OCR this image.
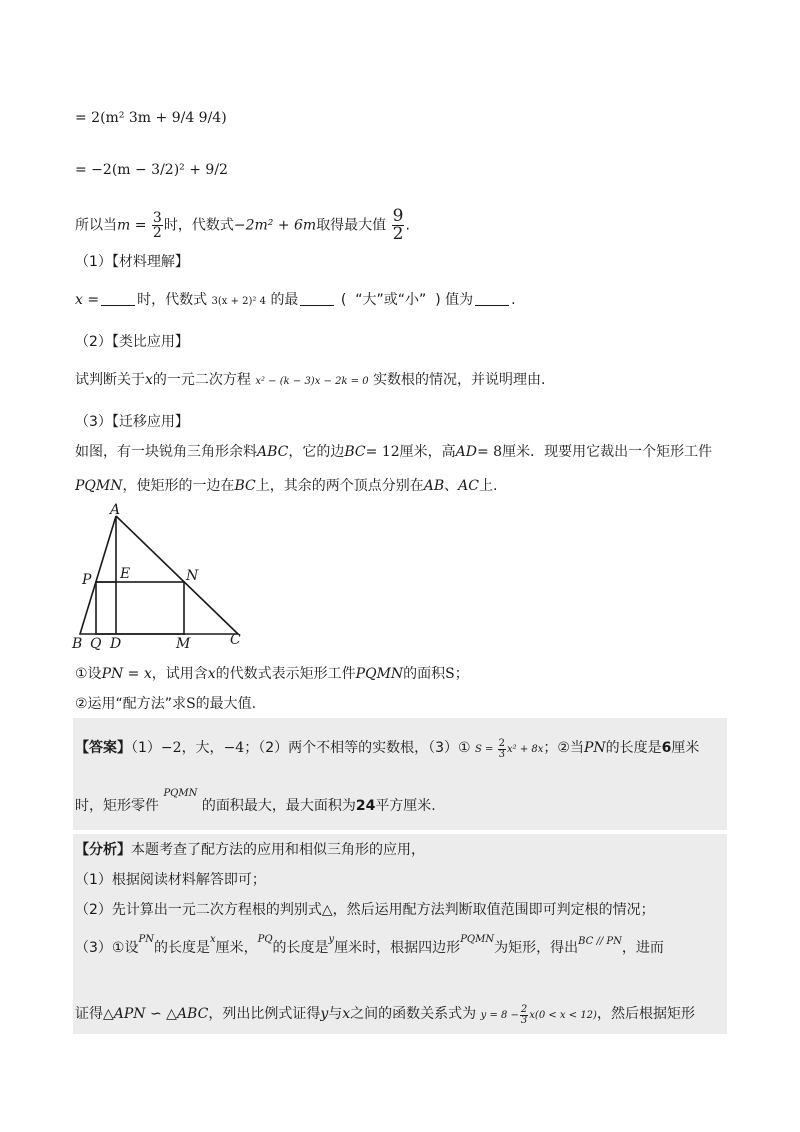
= 2(m² 3m + 9/4 9/4)
= −2(m − 3/2)² + 9/2
所以当$m = \frac{3}{2}$ 时，代数式−2m² + 6m取得最大值 $\frac{9}{2}$ .
（1）【材料理解】
x =	时，代数式 3(x + 2)² 4 的最	( “大”或“小” ) 值为	.
（2）【类比应用】
试判断关于x的一元二次方程 x² − (k − 3)x − 2k = 0 实数根的情况，并说明理由.
（3）【迁移应用】
如图，有一块锐角三角形余料ABC，它的边BC= 12厘米，高AD= 8厘米．现要用它裁出一个矩形工件
PQMN，使矩形的一边在BC上，其余的两个顶点分别在AB、AC上.
A
P E	N
B Q D	M	C
①设PN = x，试用含x的代数式表示矩形工件PQMN的面积S；
②运用“配方法”求S的最大值.
【答案】（1）−2，大，−4；（2）两个不相等的实数根，（3）① $S = \frac{2}{3} x^2 + 8x$；②当PN的长度是6厘米
时，矩形零件 $^{PQMN}$ 的面积最大，最大面积为24平方厘米.
【分析】本题考查了配方法的应用和相似三角形的应用，
（1）根据阅读材料解答即可；
（2）先计算出一元二次方程根的判别式△，然后运用配方法判断取值范围即可判定根的情况；
（3）①设$^{PN}$的长度是$^x$厘米，$^{PQ}$的长度是$^y$厘米时，根据四边形$^{PQMN}$为矩形，得出$^{BC // PN}$，进而
证得△APN ∽ △ABC，列出比例式证得y与x之间的函数关系式为 $y = 8 - \frac{2}{3} x(0 < x < 12)$，然后根据矩形
